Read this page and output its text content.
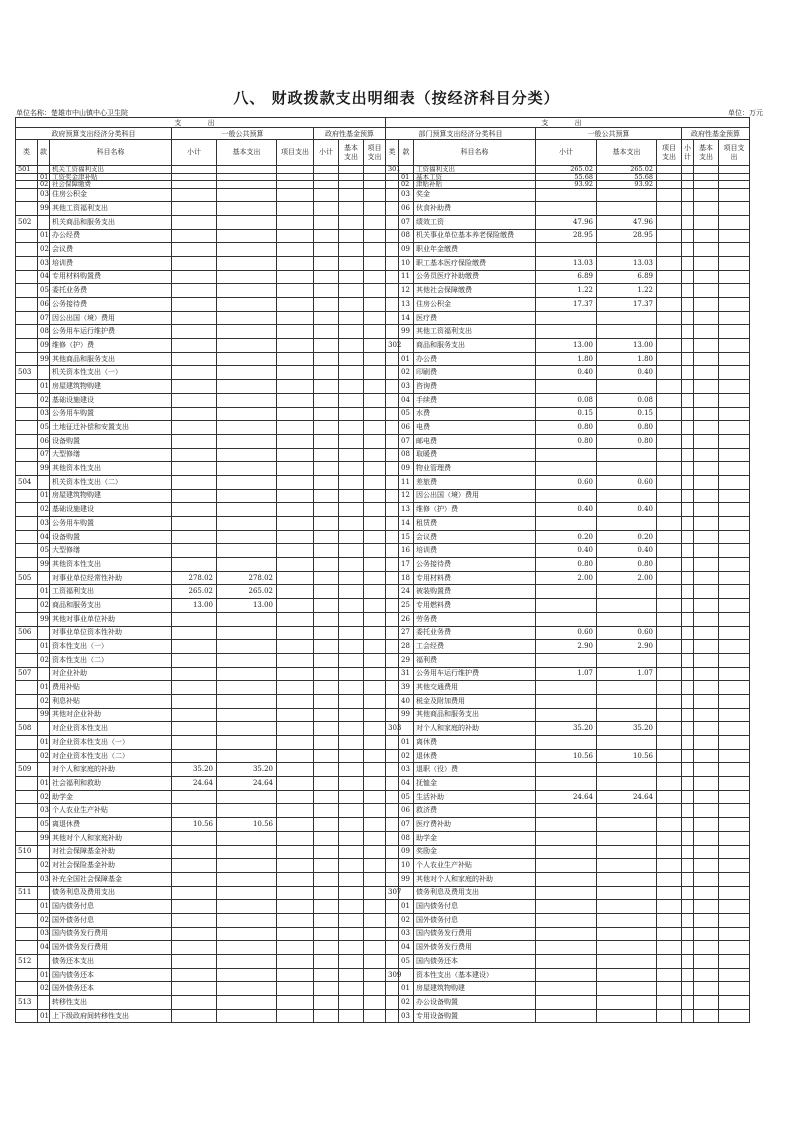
八、 财政拨款支出明细表（按经济科目分类）
单位名称：楚雄市中山镇中心卫生院	单位：万元
支 出									支 出								
政府预算支出经济分类科目			一般公共预算			政府性基金预算			部门预算支出经济分类科目			一般公共预算			政府性基金预算		
类	款	科目名称	小计	基本支出	项目支出	小计	基本支出	项目支出	类	款	科目名称	小计	基本支出	项目支出	小计	基本支出	项目支出
501		机关工资福利支出							301		工资福利支出	265.02	265.02				
	01	工资奖金津补贴								01	基本工资	55.68	55.68				
	02	社会保障缴费								02	津贴补贴	93.92	93.92				
	03	住房公积金								03	奖金						
	99	其他工资福利支出								06	伙食补助费						
502		机关商品和服务支出								07	绩效工资	47.96	47.96				
	01	办公经费								08	机关事业单位基本养老保险缴费	28.95	28.95				
	02	会议费								09	职业年金缴费						
	03	培训费								10	职工基本医疗保险缴费	13.03	13.03				
	04	专用材料购置费								11	公务员医疗补助缴费	6.89	6.89				
	05	委托业务费								12	其他社会保障缴费	1.22	1.22				
	06	公务接待费								13	住房公积金	17.37	17.37				
	07	因公出国（境）费用								14	医疗费						
	08	公务用车运行维护费								99	其他工资福利支出						
	09	维修（护）费							302		商品和服务支出	13.00	13.00				
	99	其他商品和服务支出								01	办公费	1.80	1.80				
503		机关资本性支出（一）								02	印刷费	0.40	0.40				
	01	房屋建筑物购建								03	咨询费						
	02	基础设施建设								04	手续费	0.08	0.08				
	03	公务用车购置								05	水费	0.15	0.15				
	05	土地征迁补偿和安置支出								06	电费	0.80	0.80				
	06	设备购置								07	邮电费	0.80	0.80				
	07	大型修缮								08	取暖费						
	99	其他资本性支出								09	物业管理费						
504		机关资本性支出（二）								11	差旅费	0.60	0.60				
	01	房屋建筑物购建								12	因公出国（境）费用						
	02	基础设施建设								13	维修（护）费	0.40	0.40				
	03	公务用车购置								14	租赁费						
	04	设备购置								15	会议费	0.20	0.20				
	05	大型修缮								16	培训费	0.40	0.40				
	99	其他资本性支出								17	公务接待费	0.80	0.80				
505		对事业单位经常性补助	278.02	278.02						18	专用材料费	2.00	2.00				
	01	工资福利支出	265.02	265.02						24	被装购置费						
	02	商品和服务支出	13.00	13.00						25	专用燃料费						
	99	其他对事业单位补助								26	劳务费						
506		对事业单位资本性补助								27	委托业务费	0.60	0.60				
	01	资本性支出（一）								28	工会经费	2.90	2.90				
	02	资本性支出（二）								29	福利费						
507		对企业补助								31	公务用车运行维护费	1.07	1.07				
	01	费用补贴								39	其他交通费用						
	02	利息补贴								40	税金及附加费用						
	99	其他对企业补助								99	其他商品和服务支出						
508		对企业资本性支出							303		对个人和家庭的补助	35.20	35.20				
	01	对企业资本性支出（一）								01	离休费						
	02	对企业资本性支出（二）								02	退休费	10.56	10.56				
509		对个人和家庭的补助	35.20	35.20						03	退职（役）费						
	01	社会福利和救助	24.64	24.64						04	抚恤金						
	02	助学金								05	生活补助	24.64	24.64				
	03	个人农业生产补贴								06	救济费						
	05	离退休费	10.56	10.56						07	医疗费补助						
	99	其他对个人和家庭补助								08	助学金						
510		对社会保障基金补助								09	奖励金						
	02	对社会保险基金补助								10	个人农业生产补贴						
	03	补充全国社会保障基金								99	其他对个人和家庭的补助						
511		债务利息及费用支出							307		债务利息及费用支出						
	01	国内债务付息								01	国内债务付息						
	02	国外债务付息								02	国外债务付息						
	03	国内债务发行费用								03	国内债务发行费用						
	04	国外债务发行费用								04	国外债务发行费用						
512		债务还本支出								05	国内债务还本						
	01	国内债务还本							309		资本性支出（基本建设）						
	02	国外债务还本								01	房屋建筑物购建						
513		转移性支出								02	办公设备购置						
	01	上下级政府间转移性支出								03	专用设备购置						
